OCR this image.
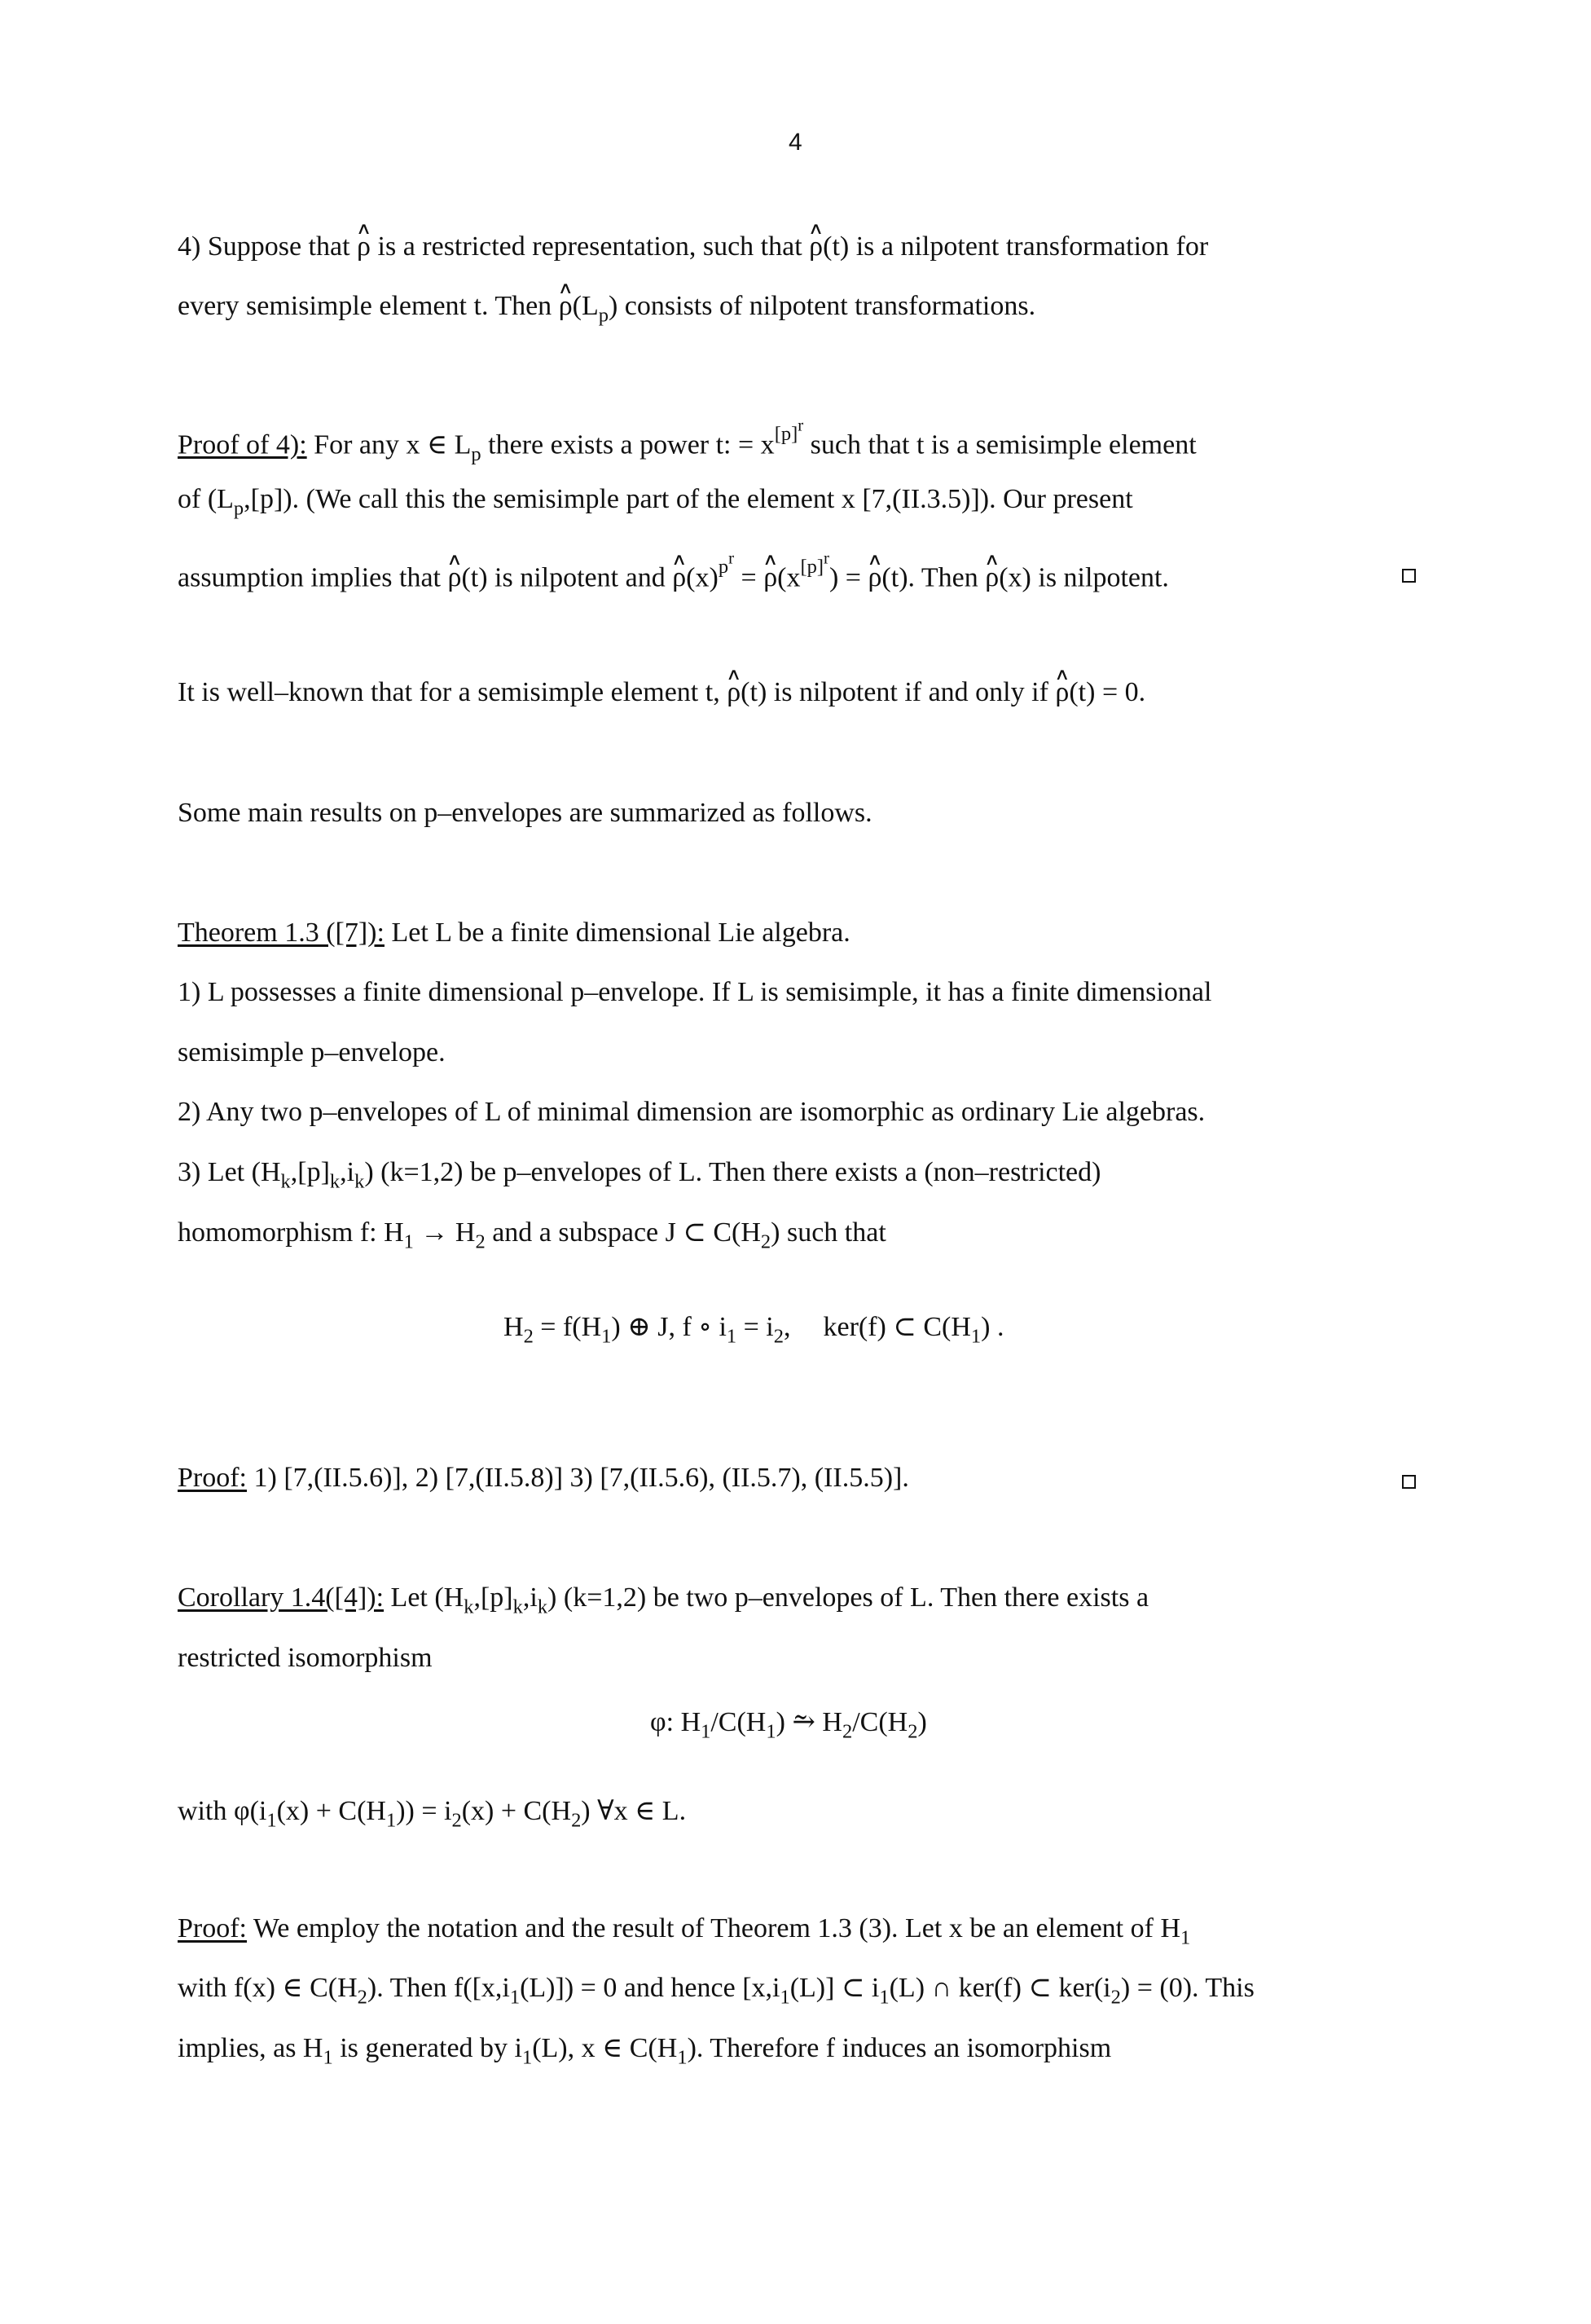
4
4) Suppose that ∧ ρ is a restricted representation, such that ∧ ρ(t) is a nilpotent transformation for
every semisimple element t. Then ∧ $\rho(L_p)$ consists of nilpotent transformations.
Proof of 4): For any x ∈ $L_p$ there exists a power t: = $x^{[p]^r}$ such that t is a semisimple element
of $(L_p,[p])$. (We call this the semisimple part of the element x [7,(II.3.5)]). Our present
assumption implies that ∧ ρ(t) is nilpotent and ∧ $\rho(x)^{p^r}$ = ∧ $\rho(x^{[p]^r})$ = ∧ ρ(t). Then ∧ ρ(x) is nilpotent.
It is well–known that for a semisimple element t, ∧ ρ(t) is nilpotent if and only if ∧ ρ(t) = 0.
Some main results on p–envelopes are summarized as follows.
Theorem 1.3 ([7]): Let L be a finite dimensional Lie algebra.
1) L possesses a finite dimensional p–envelope. If L is semisimple, it has a finite dimensional
semisimple p–envelope.
2) Any two p–envelopes of L of minimal dimension are isomorphic as ordinary Lie algebras.
3) Let $(H_k,[p]_k,i_k)$ (k=1,2) be p–envelopes of L. Then there exists a (non–restricted)
homomorphism f: $H_1 \to H_2$ and a subspace J ⊂ $C(H_2)$ such that
$H_2 = f(H_1)$ ⊕ J, f ∘ $i_1 = i_2$, ker(f) ⊂ $C(H_1)$ .
Proof: 1) [7,(II.5.6)], 2) [7,(II.5.8)] 3) [7,(II.5.6), (II.5.7), (II.5.5)].
Corollary 1.4([4]): Let $(H_k,[p]_k,i_k)$ (k=1,2) be two p–envelopes of L. Then there exists a
restricted isomorphism
φ: $H_1/C(H_1)$ ⥲ $H_2/C(H_2)$
with $\varphi(i_1(x) + C(H_1)) = i_2(x) + C(H_2)$ ∀x ∈ L.
Proof: We employ the notation and the result of Theorem 1.3 (3). Let x be an element of $H_1$
with f(x) ∈ $C(H_2)$. Then $f([x,i_1(L)]) = 0$ and hence $[x,i_1(L)]$ ⊂ $i_1(L)$ ∩ ker(f) ⊂ $ker(i_2) = (0)$. This
implies, as $H_1$ is generated by $i_1(L)$, x ∈ $C(H_1)$. Therefore f induces an isomorphism
